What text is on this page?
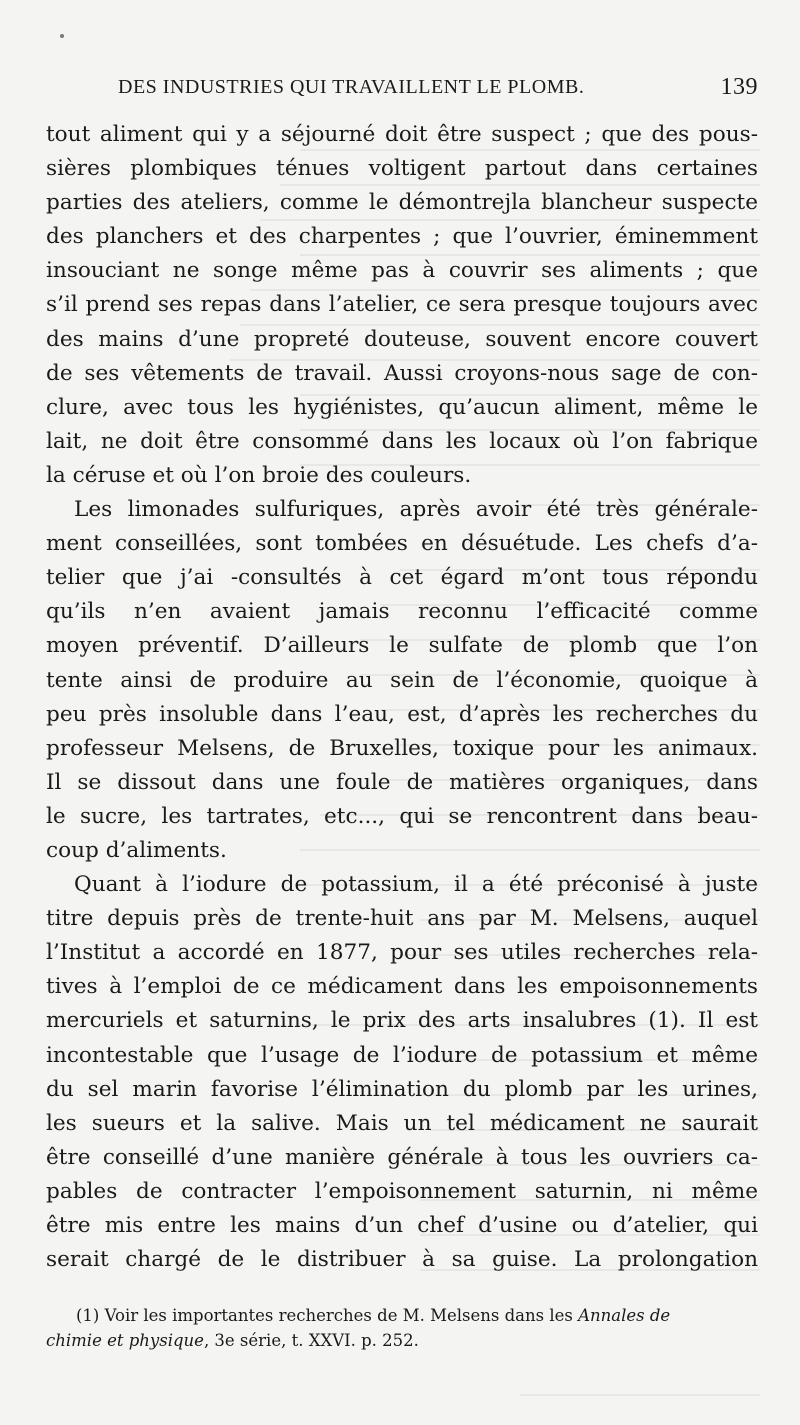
DES INDUSTRIES QUI TRAVAILLENT LE PLOMB.	139
tout aliment qui y a séjourné doit être suspect ; que des pous-
sières plombiques ténues voltigent partout dans certaines
parties des ateliers, comme le démontrejla blancheur suspecte
des planchers et des charpentes ; que l’ouvrier, éminemment
insouciant ne songe même pas à couvrir ses aliments ; que
s’il prend ses repas dans l’atelier, ce sera presque toujours avec
des mains d’une propreté douteuse, souvent encore couvert
de ses vêtements de travail. Aussi croyons-nous sage de con-
clure, avec tous les hygiénistes, qu’aucun aliment, même le
lait, ne doit être consommé dans les locaux où l’on fabrique
la céruse et où l’on broie des couleurs.
Les limonades sulfuriques, après avoir été très générale-
ment conseillées, sont tombées en désuétude. Les chefs d’a-
telier que j’ai ‑consultés à cet égard m’ont tous répondu
qu’ils n’en avaient jamais reconnu l’efficacité comme
moyen préventif. D’ailleurs le sulfate de plomb que l’on
tente ainsi de produire au sein de l’économie, quoique à
peu près insoluble dans l’eau, est, d’après les recherches du
professeur Melsens, de Bruxelles, toxique pour les animaux.
Il se dissout dans une foule de matières organiques, dans
le sucre, les tartrates, etc..., qui se rencontrent dans beau-
coup d’aliments.
Quant à l’iodure de potassium, il a été préconisé à juste
titre depuis près de trente-huit ans par M. Melsens, auquel
l’Institut a accordé en 1877, pour ses utiles recherches rela-
tives à l’emploi de ce médicament dans les empoisonnements
mercuriels et saturnins, le prix des arts insalubres (1). Il est
incontestable que l’usage de l’iodure de potassium et même
du sel marin favorise l’élimination du plomb par les urines,
les sueurs et la salive. Mais un tel médicament ne saurait
être conseillé d’une manière générale à tous les ouvriers ca-
pables de contracter l’empoisonnement saturnin, ni même
être mis entre les mains d’un chef d’usine ou d’atelier, qui
serait chargé de le distribuer à sa guise. La prolongation
(1) Voir les importantes recherches de M. Melsens dans les Annales de
chimie et physique, 3e série, t. XXVI. p. 252.
